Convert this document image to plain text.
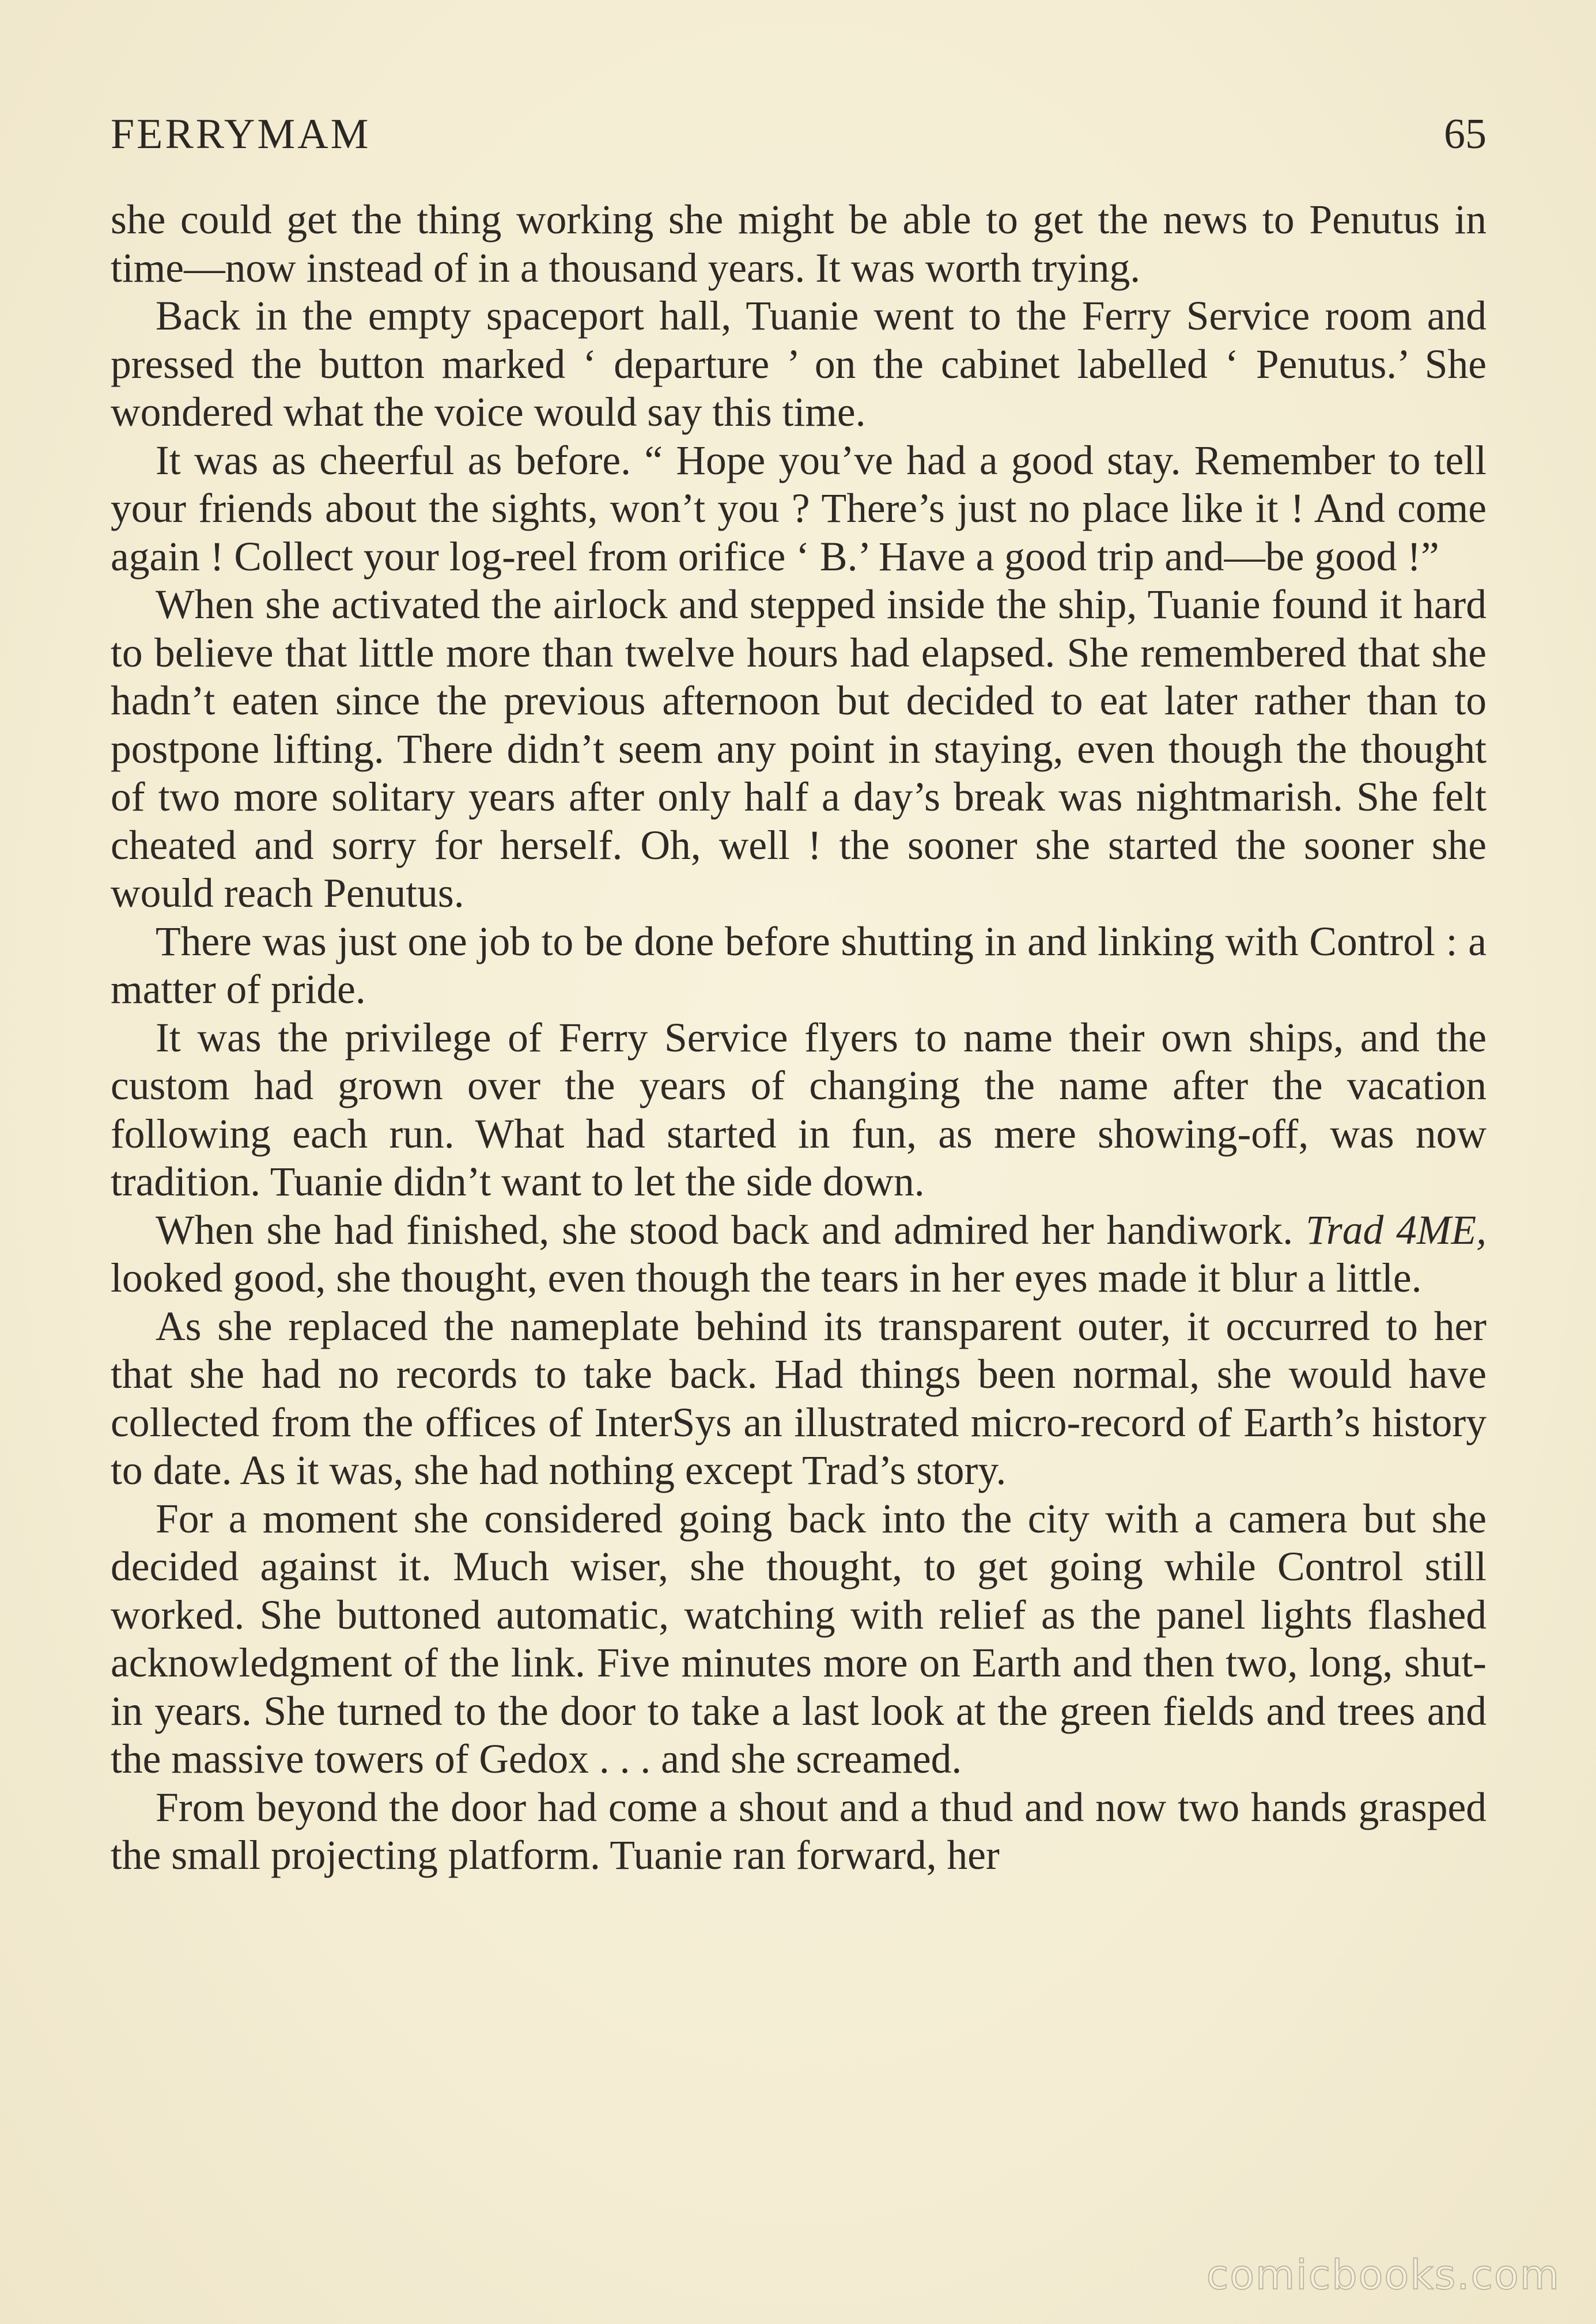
FERRYMAM	65

she could get the thing working she might be able to get the news to Penutus in time—now instead of in a thousand years. It was worth trying.

Back in the empty spaceport hall, Tuanie went to the Ferry Service room and pressed the button marked ‘ departure ’ on the cabinet labelled ‘ Penutus.’ She wondered what the voice would say this time.

It was as cheerful as before. “ Hope you’ve had a good stay. Remember to tell your friends about the sights, won’t you ? There’s just no place like it ! And come again ! Collect your log-reel from orifice ‘ B.’ Have a good trip and—be good !”

When she activated the airlock and stepped inside the ship, Tuanie found it hard to believe that little more than twelve hours had elapsed. She remembered that she hadn’t eaten since the previous afternoon but decided to eat later rather than to postpone lifting. There didn’t seem any point in staying, even though the thought of two more solitary years after only half a day’s break was nightmarish. She felt cheated and sorry for herself. Oh, well ! the sooner she started the sooner she would reach Penutus.

There was just one job to be done before shutting in and linking with Control : a matter of pride.

It was the privilege of Ferry Service flyers to name their own ships, and the custom had grown over the years of changing the name after the vacation following each run. What had started in fun, as mere showing-off, was now tradition. Tuanie didn’t want to let the side down.

When she had finished, she stood back and admired her handiwork. Trad 4ME, looked good, she thought, even though the tears in her eyes made it blur a little.

As she replaced the nameplate behind its transparent outer, it occurred to her that she had no records to take back. Had things been normal, she would have collected from the offices of InterSys an illustrated micro-record of Earth’s history to date. As it was, she had nothing except Trad’s story.

For a moment she considered going back into the city with a camera but she decided against it. Much wiser, she thought, to get going while Control still worked. She buttoned automatic, watching with relief as the panel lights flashed acknowledgment of the link. Five minutes more on Earth and then two, long, shut-in years. She turned to the door to take a last look at the green fields and trees and the massive towers of Gedox . . . and she screamed.

From beyond the door had come a shout and a thud and now two hands grasped the small projecting platform. Tuanie ran forward, her

comicbooks.com
